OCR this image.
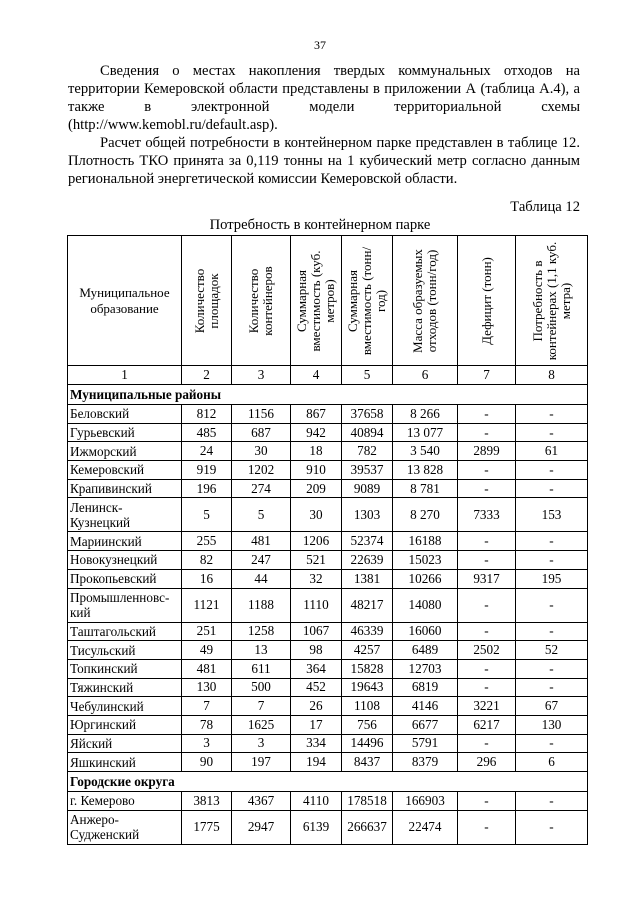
37

Сведения о местах накопления твердых коммунальных отходов на территории Кемеровской области представлены в приложении А (таблица А.4), а также в электронной модели территориальной схемы (http://www.kemobl.ru/default.asp).

Расчет общей потребности в контейнерном парке представлен в таблице 12. Плотность ТКО принята за 0,119 тонны на 1 кубический метр согласно данным региональной энергетической комиссии Кемеровской области.

Таблица 12
Потребность в контейнерном парке
Муниципальное образование	Количество площадок	Количество контейнеров	Суммарная вместимость (куб. метров)	Суммарная вместимость (тонн/год)	Масса образуемых отходов (тонн/год)	Дефицит (тонн)	Потребность в контейнерах (1,1 куб. метра)

1	2	3	4	5	6	7	8
Муниципальные районы							
Беловский	812	1156	867	37658	8 266	-	-
Гурьевский	485	687	942	40894	13 077	-	-
Ижморский	24	30	18	782	3 540	2899	61
Кемеровский	919	1202	910	39537	13 828	-	-
Крапивинский	196	274	209	9089	8 781	-	-
Ленинск-Кузнецкий	5	5	30	1303	8 270	7333	153
Мариинский	255	481	1206	52374	16188	-	-
Новокузнецкий	82	247	521	22639	15023	-	-
Прокопьевский	16	44	32	1381	10266	9317	195
Промышленновс-кий	1121	1188	1110	48217	14080	-	-
Таштагольский	251	1258	1067	46339	16060	-	-
Тисульский	49	13	98	4257	6489	2502	52
Топкинский	481	611	364	15828	12703	-	-
Тяжинский	130	500	452	19643	6819	-	-
Чебулинский	7	7	26	1108	4146	3221	67
Юргинский	78	1625	17	756	6677	6217	130
Яйский	3	3	334	14496	5791	-	-
Яшкинский	90	197	194	8437	8379	296	6
Городские округа							
г. Кемерово	3813	4367	4110	178518	166903	-	-
Анжеро-Судженский	1775	2947	6139	266637	22474	-	-
